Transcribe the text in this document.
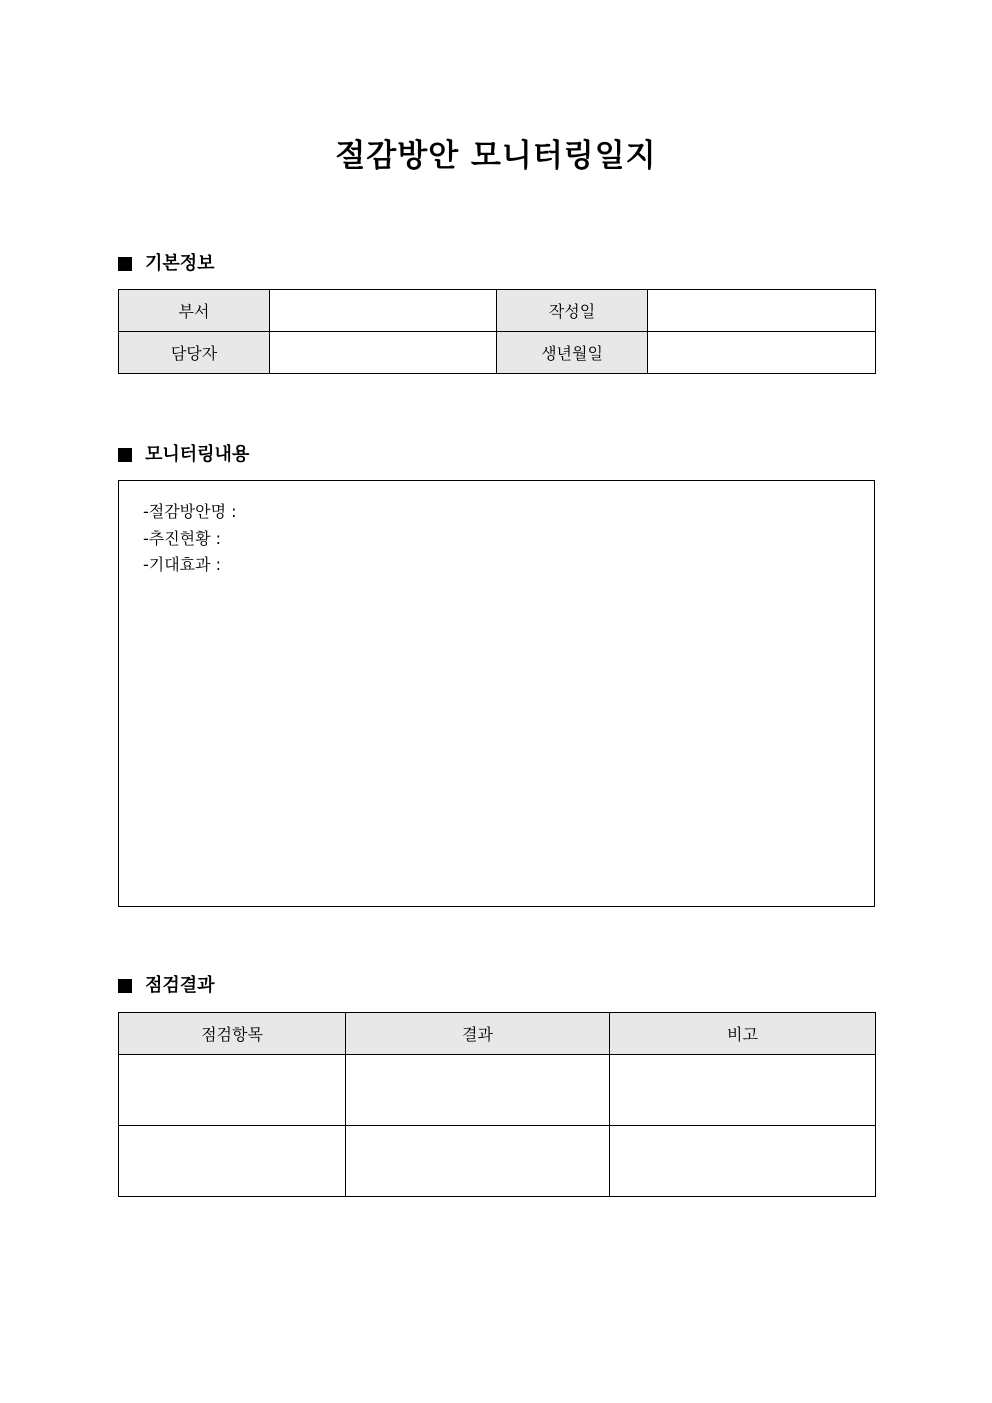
절감방안 모니터링일지
기본정보
부서		작성일	
담당자		생년월일	
모니터링내용
-절감방안명 :
-추진현황 :
-기대효과 :
점검결과
점검항목	결과	비고
